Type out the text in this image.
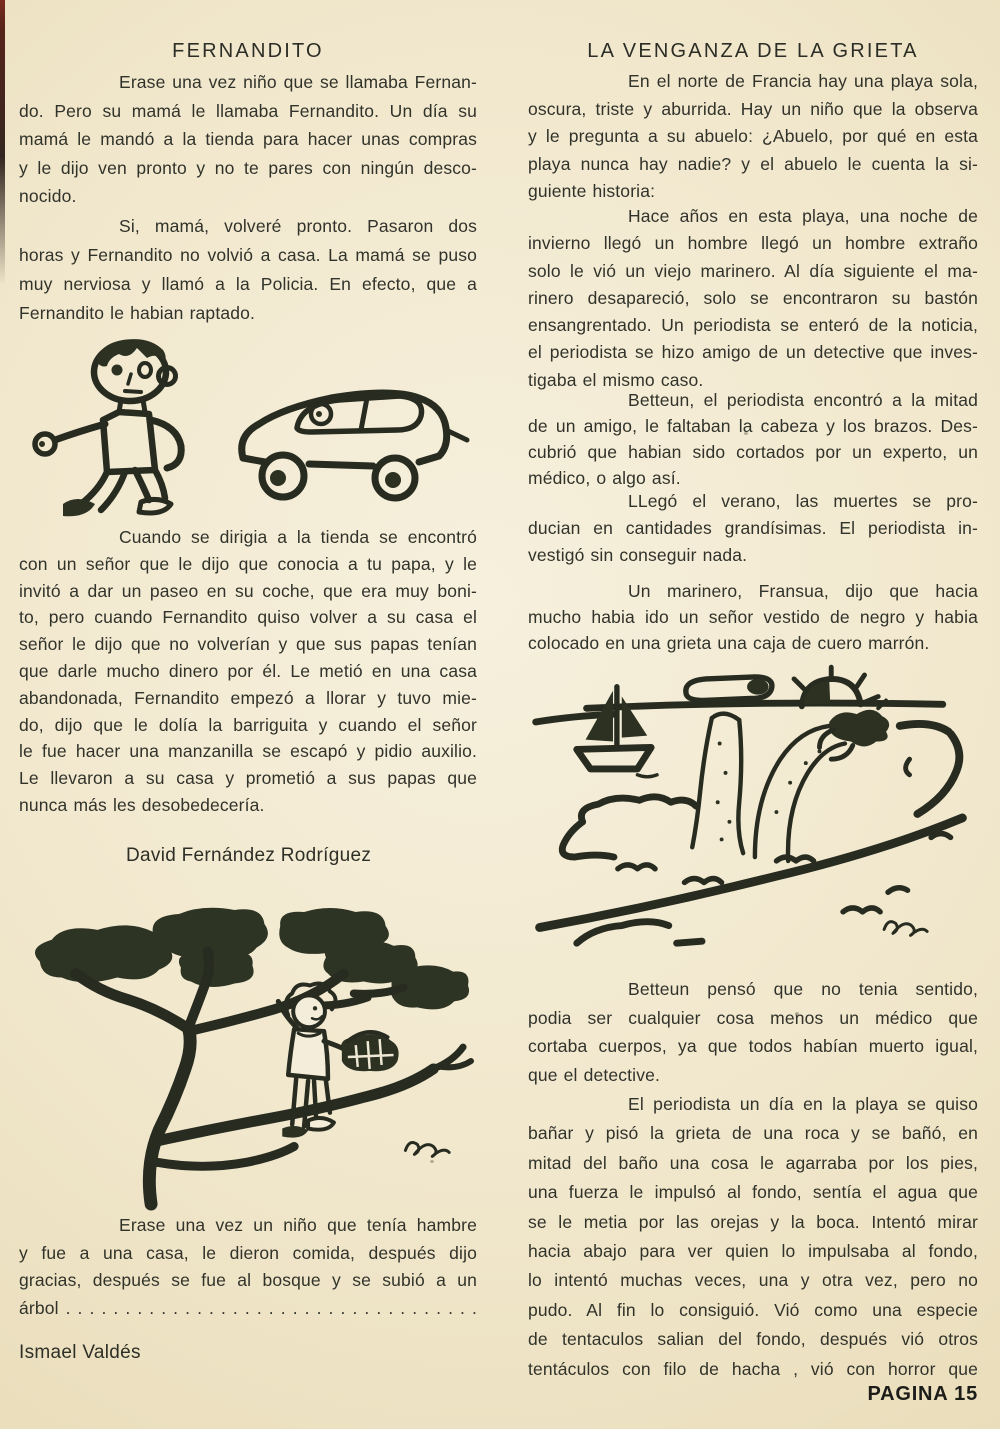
FERNANDITO
Erase una vez niño que se llamaba Fernan-
do. Pero su mamá le llamaba Fernandito. Un día su
mamá le mandó a la tienda para hacer unas compras
y le dijo ven pronto y no te pares con ningún desco-
nocido.
Si, mamá, volveré pronto. Pasaron dos
horas y Fernandito no volvió a casa. La mamá se puso
muy nerviosa y llamó a la Policia. En efecto, que a
Fernandito le habian raptado.
Cuando se dirigia a la tienda se encontró
con un señor que le dijo que conocia a tu papa, y le
invitó a dar un paseo en su coche, que era muy boni-
to, pero cuando Fernandito quiso volver a su casa el
señor le dijo que no volverían y que sus papas tenían
que darle mucho dinero por él. Le metió en una casa
abandonada, Fernandito empezó a llorar y tuvo mie-
do, dijo que le dolía la barriguita y cuando el señor
le fue hacer una manzanilla se escapó y pidio auxilio.
Le llevaron a su casa y prometió a sus papas que
nunca más les desobedecería.
David Fernández Rodríguez
Erase una vez un niño que tenía hambre
y fue a una casa, le dieron comida, después dijo
gracias, después se fue al bosque y se subió a un
árbol . . . . . . . . . . . . . . . . . . . . . . . . . . . . . . . . . . .
Ismael Valdés
LA VENGANZA DE LA GRIETA
En el norte de Francia hay una playa sola,
oscura, triste y aburrida. Hay un niño que la observa
y le pregunta a su abuelo: ¿Abuelo, por qué en esta
playa nunca hay nadie? y el abuelo le cuenta la si-
guiente historia:
Hace años en esta playa, una noche de
invierno llegó un hombre llegó un hombre extraño
solo le vió un viejo marinero. Al día siguiente el ma-
rinero desapareció, solo se encontraron su bastón
ensangrentado. Un periodista se enteró de la noticia,
el periodista se hizo amigo de un detective que inves-
tigaba el mismo caso.
Betteun, el periodista encontró a la mitad
de un amigo, le faltaban la cabeza y los brazos. Des-
cubrió que habian sido cortados por un experto, un
médico, o algo así.
LLegó el verano, las muertes se pro-
ducian en cantidades grandísimas. El periodista in-
vestigó sin conseguir nada.
Un marinero, Fransua, dijo que hacia
mucho habia ido un señor vestido de negro y habia
colocado en una grieta una caja de cuero marrón.
Betteun pensó que no tenia sentido,
podia ser cualquier cosa menos un médico que
cortaba cuerpos, ya que todos habían muerto igual,
que el detective.
El periodista un día en la playa se quiso
bañar y pisó la grieta de una roca y se bañó, en
mitad del baño una cosa le agarraba por los pies,
una fuerza le impulsó al fondo, sentía el agua que
se le metia por las orejas y la boca. Intentó mirar
hacia abajo para ver quien lo impulsaba al fondo,
lo intentó muchas veces, una y otra vez, pero no
pudo. Al fin lo consiguió. Vió como una especie
de tentaculos salian del fondo, después vió otros
tentáculos con filo de hacha , vió con horror que
PAGINA 15
